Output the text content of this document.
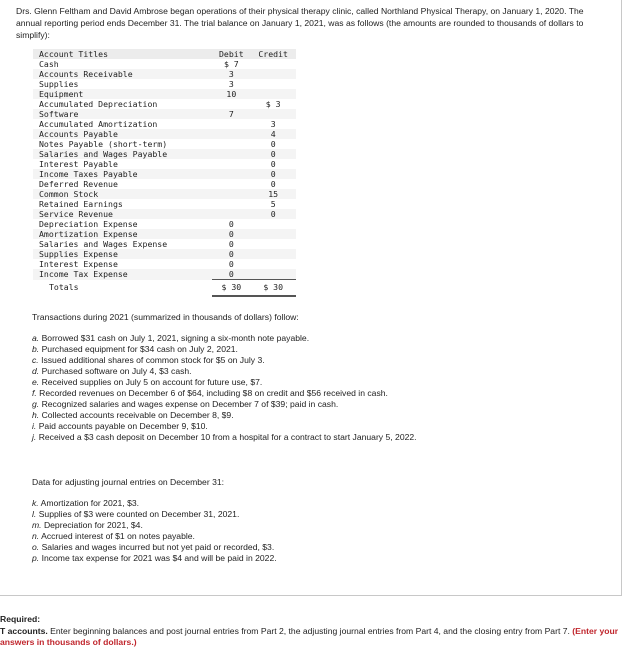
Drs. Glenn Feltham and David Ambrose began operations of their physical therapy clinic, called Northland Physical Therapy, on January 1, 2020. The annual reporting period ends December 31. The trial balance on January 1, 2021, was as follows (the amounts are rounded to thousands of dollars to simplify):
Account Titles	Debit	Credit
Cash	$ 7	
Accounts Receivable	3	
Supplies	3	
Equipment	10	
Accumulated Depreciation		$ 3
Software	7	
Accumulated Amortization		3
Accounts Payable		4
Notes Payable (short-term)		0
Salaries and Wages Payable		0
Interest Payable		0
Income Taxes Payable		0
Deferred Revenue		0
Common Stock		15
Retained Earnings		5
Service Revenue		0
Depreciation Expense	0	
Amortization Expense	0	
Salaries and Wages Expense	0	
Supplies Expense	0	
Interest Expense	0	
Income Tax Expense	0	
Totals	$ 30	$ 30
Transactions during 2021 (summarized in thousands of dollars) follow:
a. Borrowed $31 cash on July 1, 2021, signing a six-month note payable.
b. Purchased equipment for $34 cash on July 2, 2021.
c. Issued additional shares of common stock for $5 on July 3.
d. Purchased software on July 4, $3 cash.
e. Received supplies on July 5 on account for future use, $7.
f. Recorded revenues on December 6 of $64, including $8 on credit and $56 received in cash.
g. Recognized salaries and wages expense on December 7 of $39; paid in cash.
h. Collected accounts receivable on December 8, $9.
i. Paid accounts payable on December 9, $10.
j. Received a $3 cash deposit on December 10 from a hospital for a contract to start January 5, 2022.
Data for adjusting journal entries on December 31:
k. Amortization for 2021, $3.
l. Supplies of $3 were counted on December 31, 2021.
m. Depreciation for 2021, $4.
n. Accrued interest of $1 on notes payable.
o. Salaries and wages incurred but not yet paid or recorded, $3.
p. Income tax expense for 2021 was $4 and will be paid in 2022.
Required:
T accounts. Enter beginning balances and post journal entries from Part 2, the adjusting journal entries from Part 4, and the closing entry from Part 7. (Enter your answers in thousands of dollars.)
